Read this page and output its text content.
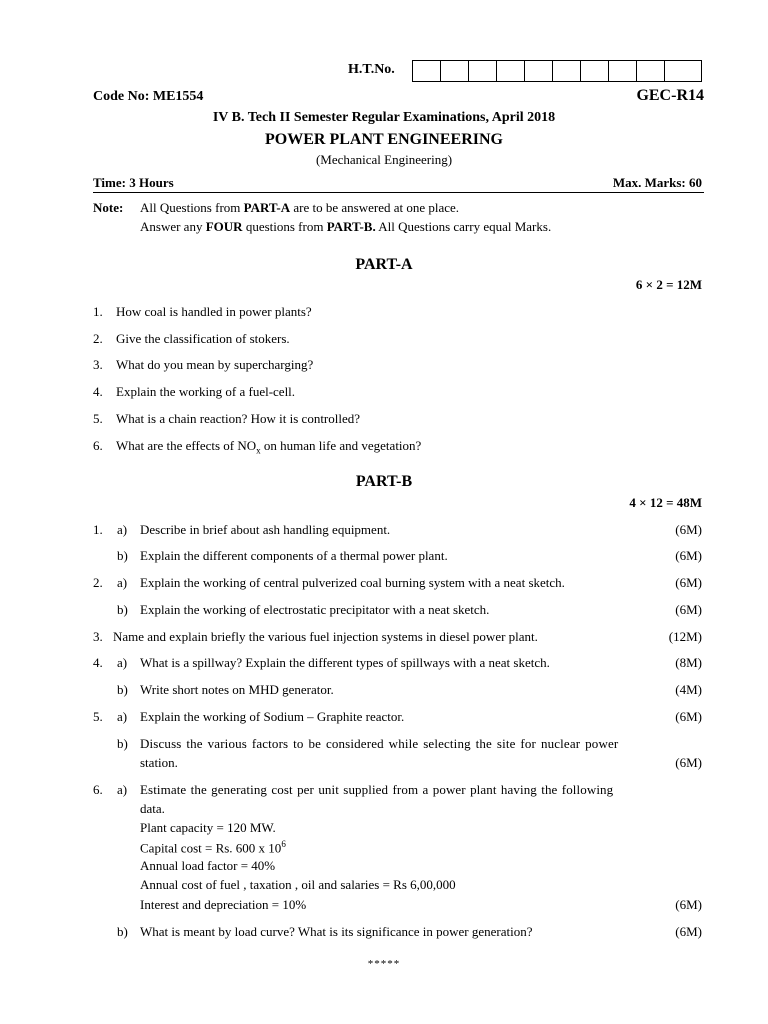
H.T.No.
Code No: ME1554	GEC-R14
IV B. Tech II Semester Regular Examinations, April 2018
POWER PLANT ENGINEERING
(Mechanical Engineering)
Time: 3 Hours	Max. Marks: 60
Note: All Questions from PART-A are to be answered at one place.
Answer any FOUR questions from PART-B. All Questions carry equal Marks.
PART-A
6 × 2 = 12M
1. How coal is handled in power plants?
2. Give the classification of stokers.
3. What do you mean by supercharging?
4. Explain the working of a fuel-cell.
5. What is a chain reaction? How it is controlled?
6. What are the effects of $NO_x$ on human life and vegetation?
PART-B
4 × 12 = 48M
1. a) Describe in brief about ash handling equipment.	(6M)
b) Explain the different components of a thermal power plant.	(6M)
2. a) Explain the working of central pulverized coal burning system with a neat sketch.	(6M)
b) Explain the working of electrostatic precipitator with a neat sketch.	(6M)
3. Name and explain briefly the various fuel injection systems in diesel power plant.	(12M)
4. a) What is a spillway? Explain the different types of spillways with a neat sketch.	(8M)
b) Write short notes on MHD generator.	(4M)
5. a) Explain the working of Sodium – Graphite reactor.	(6M)
b) Discuss the various factors to be considered while selecting the site for nuclear power
station.	(6M)
6. a) Estimate the generating cost per unit supplied from a power plant having the following
data.
Plant capacity = 120 MW.
Capital cost = Rs. 600 x $10^6$
Annual load factor = 40%
Annual cost of fuel , taxation , oil and salaries = Rs 6,00,000
Interest and depreciation = 10%	(6M)
b) What is meant by load curve? What is its significance in power generation?	(6M)
*****
